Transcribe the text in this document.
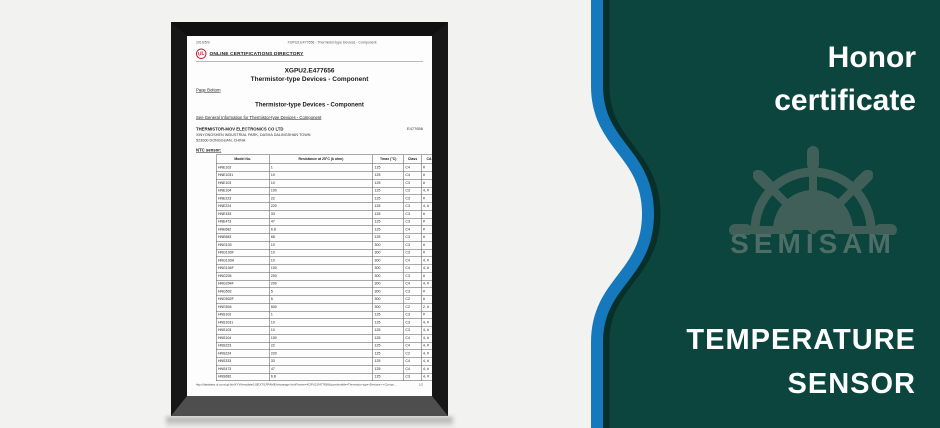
SEMISAM
Honor
certificate
TEMPERATURE
SENSOR
2016/5/9	XGPU2.E477656 - Thermistor-type Devices - Component
UL ONLINE CERTIFICATIONS DIRECTORY
XGPU2.E477656
Thermistor-type Devices - Component
Page Bottom
Thermistor-type Devices - Component
See General Information for Thermistor-type Devices - Component
THERMISTOR-MOV ELECTRONICS CO LTD
XINYONGSHEN INDUSTRIAL PARK, DASHA DALINGSHAN TOWN
523000 DONGGUAN, CHINA
E477656
NTC sensor:
Model No.	Resistance at 25°C (k ohm)	Tmax (°C)	Class	CA
HNE102	1	125	C4	#
HNE1031	10	125	C4	#
HNE103	10	125	C3	#
HNE104	100	125	C3	4, #
HNE223	22	125	C3	#
HNE224	220	125	C3	4, #
HNE333	33	125	C3	#
HNE473	47	125	C3	#
HNE682	6.8	125	C4	#
HNE683	68	125	C3	#
HNG103	10	300	C3	#
HNG103F	10	300	C3	#
HNG103H	10	300	C4	4, #
HNG104F	100	300	C4	4, #
HNG204	200	300	C3	#
HNG204F	200	300	C4	4, #
HNG502	5	300	C3	#
HNG502F	5	300	C2	#
HNG504	500	300	C2	2, #
HNS102	1	125	C3	#
HNS1031	10	125	C3	4, #
HNS103	10	125	C3	4, #
HNS104	100	125	C4	4, #
HNS223	22	125	C4	4, #
HNS224	220	125	C2	4, #
HNS333	33	125	C4	4, #
HNS473	47	125	C4	4, #
HNS682	6.8	125	C3	4, #
http://database.ul.com/cgi-bin/XYV/template/LISEXT/1FRAME/showpage.html?name=XGPU2.E477656&ccnshorttitle=Thermistor-type+Devices+-+Compo...	1/2
